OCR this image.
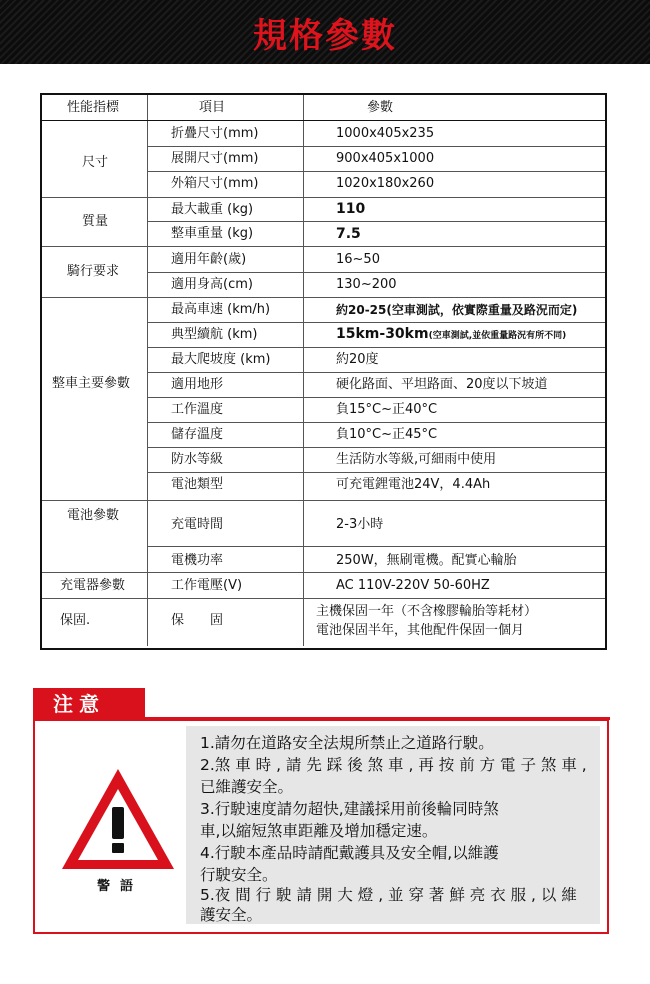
規格參數
性能指標	項目	參數
尺寸
質量
騎行要求
整車主要參數
電池參數
充電器參數
保固.
折疊尺寸(mm)
展開尺寸(mm)
外箱尺寸(mm)
最大載重 (kg)
整車重量 (kg)
適用年齡(歲)
適用身高(cm)
最高車速 (km/h)
典型續航 (km)
最大爬坡度 (km)
適用地形
工作溫度
儲存溫度
防水等級
電池類型
充電時間
電機功率
工作電壓(V)
保　　固
1000x405x235
900x405x1000
1020x180x260
110
7.5
16~50
130~200
約20-25(空車測試，依實際重量及路況而定)
15km-30km(空車測試,並依重量路況有所不同)
約20度
硬化路面、平坦路面、20度以下坡道
負15°C~正40°C
負10°C~正45°C
生活防水等級,可細雨中使用
可充電鋰電池24V，4.4Ah
2-3小時
250W，無刷電機。配實心輪胎
AC 110V-220V 50-60HZ
主機保固一年（不含橡膠輪胎等耗材）
電池保固半年，其他配件保固一個月
注意
警語
1.請勿在道路安全法規所禁止之道路行駛。
2.煞 車 時 , 請 先 踩 後 煞 車 , 再 按 前 方 電 子 煞 車 ,
已維護安全。
3.行駛速度請勿超快,建議採用前後輪同時煞
車,以縮短煞車距離及增加穩定速。
4.行駛本產品時請配戴護具及安全帽,以維護
行駛安全。
5.夜 間 行 駛 請 開 大 燈 , 並 穿 著 鮮 亮 衣 服 , 以 維
護安全。
